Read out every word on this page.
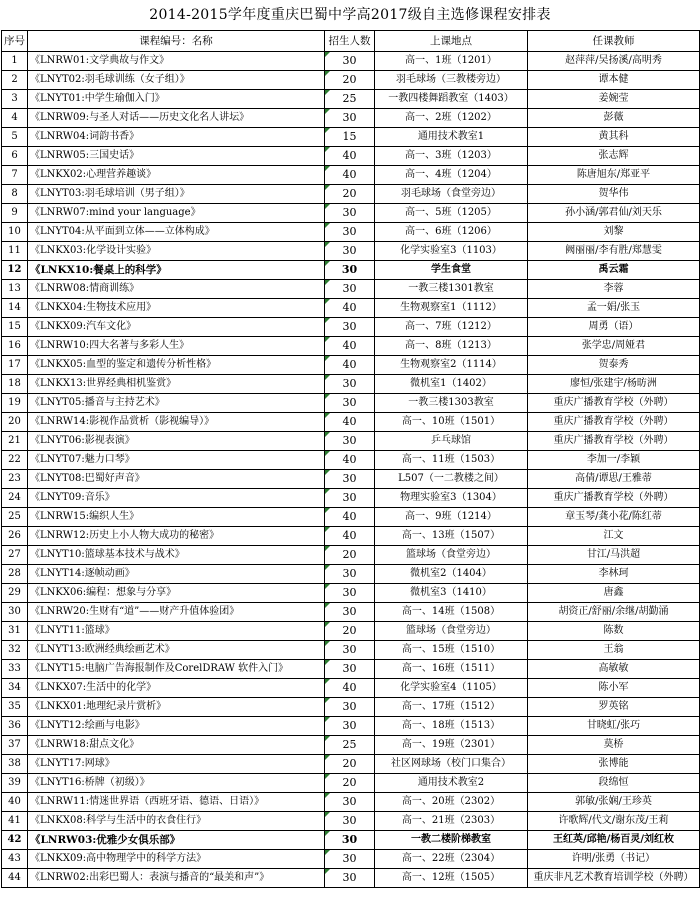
2014-2015学年度重庆巴蜀中学高2017级自主选修课程安排表
序号	课程编号：名称	招生人数	上课地点	任课教师
1	《LNRW01:文学典故与作文》	30	高一、1班（1201）	赵萍萍/吴扬溪/高明秀
2	《LNYT02:羽毛球训练（女子组）》	20	羽毛球场（三教楼旁边）	谭本健
3	《LNYT01:中学生瑜伽入门》	25	一教四楼舞蹈教室（1403）	姜婉莹
4	《LNRW09:与圣人对话——历史文化名人讲坛》	30	高一、2班（1202）	彭薇
5	《LNRW04:词韵书香》	15	通用技术教室1	黄其科
6	《LNRW05:三国史话》	40	高一、3班（1203）	张志辉
7	《LNKX02:心理营养趣谈》	40	高一、4班（1204）	陈唐旭东/郑亚平
8	《LNYT03:羽毛球培训（男子组）》	20	羽毛球场（食堂旁边）	贺华伟
9	《LNRW07:mind your language》	30	高一、5班（1205）	孙小涵/郭君仙/刘天乐
10	《LNYT04:从平面到立体——立体构成》	30	高一、6班（1206）	刘黎
11	《LNKX03:化学设计实验》	30	化学实验室3（1103）	阙丽丽/李有胜/郑慧雯
12	《LNKX10:餐桌上的科学》	30	学生食堂	禹云霜
13	《LNRW08:情商训练》	30	一教三楼1301教室	李蓉
14	《LNKX04:生物技术应用》	40	生物观察室1（1112）	孟一娟/张玉
15	《LNKX09:汽车文化》	30	高一、7班（1212）	周勇（语）
16	《LNRW10:四大名著与多彩人生》	40	高一、8班（1213）	张学忠/周娅君
17	《LNKX05:血型的鉴定和遗传分析性格》	40	生物观察室2（1114）	贺泰秀
18	《LNKX13:世界经典相机鉴赏》	30	微机室1（1402）	廖恒/张建宇/杨昉洲
19	《LNYT05:播音与主持艺术》	30	一教三楼1303教室	重庆广播教育学校（外聘）
20	《LNRW14:影视作品赏析（影视编导）》	40	高一、10班（1501）	重庆广播教育学校（外聘）
21	《LNYT06:影视表演》	30	乒乓球馆	重庆广播教育学校（外聘）
22	《LNYT07:魅力口琴》	40	高一、11班（1503）	李加一/李颖
23	《LNYT08:巴蜀好声音》	30	L507（一二教楼之间）	高倩/谭思/王雅蒂
24	《LNYT09:音乐》	30	物理实验室3（1304）	重庆广播教育学校（外聘）
25	《LNRW15:编织人生》	40	高一、9班（1214）	章玉琴/龚小花/陈红蒂
26	《LNRW12:历史上小人物大成功的秘密》	40	高一、13班（1507）	江文
27	《LNYT10:篮球基本技术与战术》	20	篮球场（食堂旁边）	甘江/马洪超
28	《LNYT14:逐帧动画》	30	微机室2（1404）	李林珂
29	《LNKX06:编程：想象与分享》	30	微机室3（1410）	唐鑫
30	《LNRW20:生财有“道”——财产升值体验团》	30	高一、14班（1508）	胡资正/舒丽/余继/胡勤涌
31	《LNYT11:篮球》	20	篮球场（食堂旁边）	陈数
32	《LNYT13:欧洲经典绘画艺术》	30	高一、15班（1510）	王翁
33	《LNYT15:电脑广告海报制作及CorelDRAW 软件入门》	30	高一、16班（1511）	高敏敏
34	《LNKX07:生活中的化学》	40	化学实验室4（1105）	陈小军
35	《LNKX01:地理纪录片赏析》	30	高一、17班（1512）	罗英铭
36	《LNYT12:绘画与电影》	30	高一、18班（1513）	甘晓虹/张巧
37	《LNRW18:甜点文化》	25	高一、19班（2301）	莫桥
38	《LNYT17:网球》	20	社区网球场（校门口集合）	张博能
39	《LNYT16:桥牌（初级）》	20	通用技术教室2	段绵恒
40	《LNRW11:情迷世界语（西班牙语、德语、日语）》	30	高一、20班（2302）	郭敏/张娴/王珍英
41	《LNKX08:科学与生活中的衣食住行》	30	高一、21班（2303）	许歌辉/代文/谢东茂/王莉
42	《LNRW03:优雅少女俱乐部》	30	一教二楼阶梯教室	王红英/邱艳/杨百灵/刘红枚
43	《LNKX09:高中物理学中的科学方法》	30	高一、22班（2304）	许明/张勇（书记）
44	《LNRW02:出彩巴蜀人：表演与播音的“最美和声”》	30	高一、12班（1505）	重庆非凡艺术教育培训学校（外聘）
